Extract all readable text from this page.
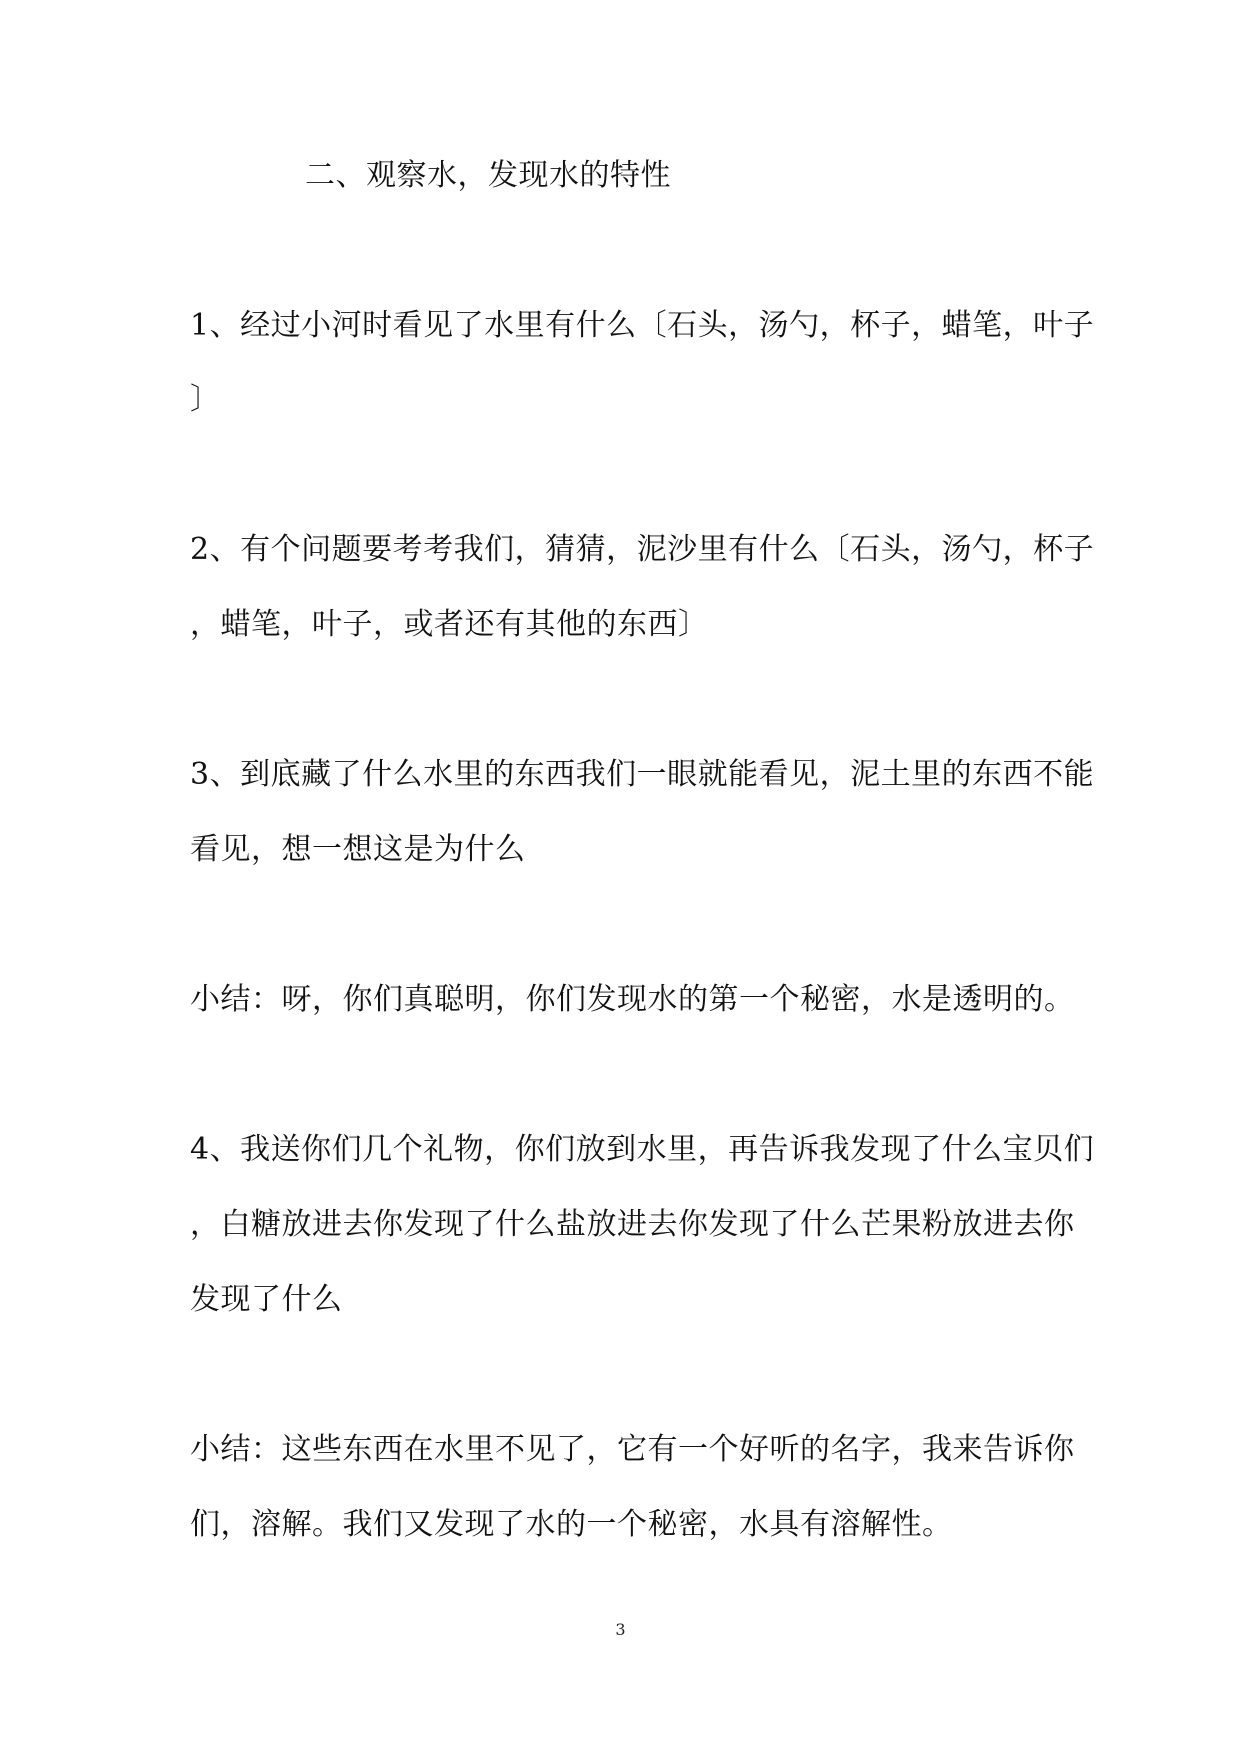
二、观察水，发现水的特性
1、经过小河时看见了水里有什么〔石头，汤勺，杯子，蜡笔，叶子
〕
2、有个问题要考考我们，猜猜，泥沙里有什么〔石头，汤勺，杯子
，蜡笔，叶子，或者还有其他的东西〕
3、到底藏了什么水里的东西我们一眼就能看见，泥土里的东西不能
看见，想一想这是为什么
小结：呀，你们真聪明，你们发现水的第一个秘密，水是透明的。
4、我送你们几个礼物，你们放到水里，再告诉我发现了什么宝贝们
，白糖放进去你发现了什么盐放进去你发现了什么芒果粉放进去你
发现了什么
小结：这些东西在水里不见了，它有一个好听的名字，我来告诉你
们，溶解。我们又发现了水的一个秘密，水具有溶解性。
3
